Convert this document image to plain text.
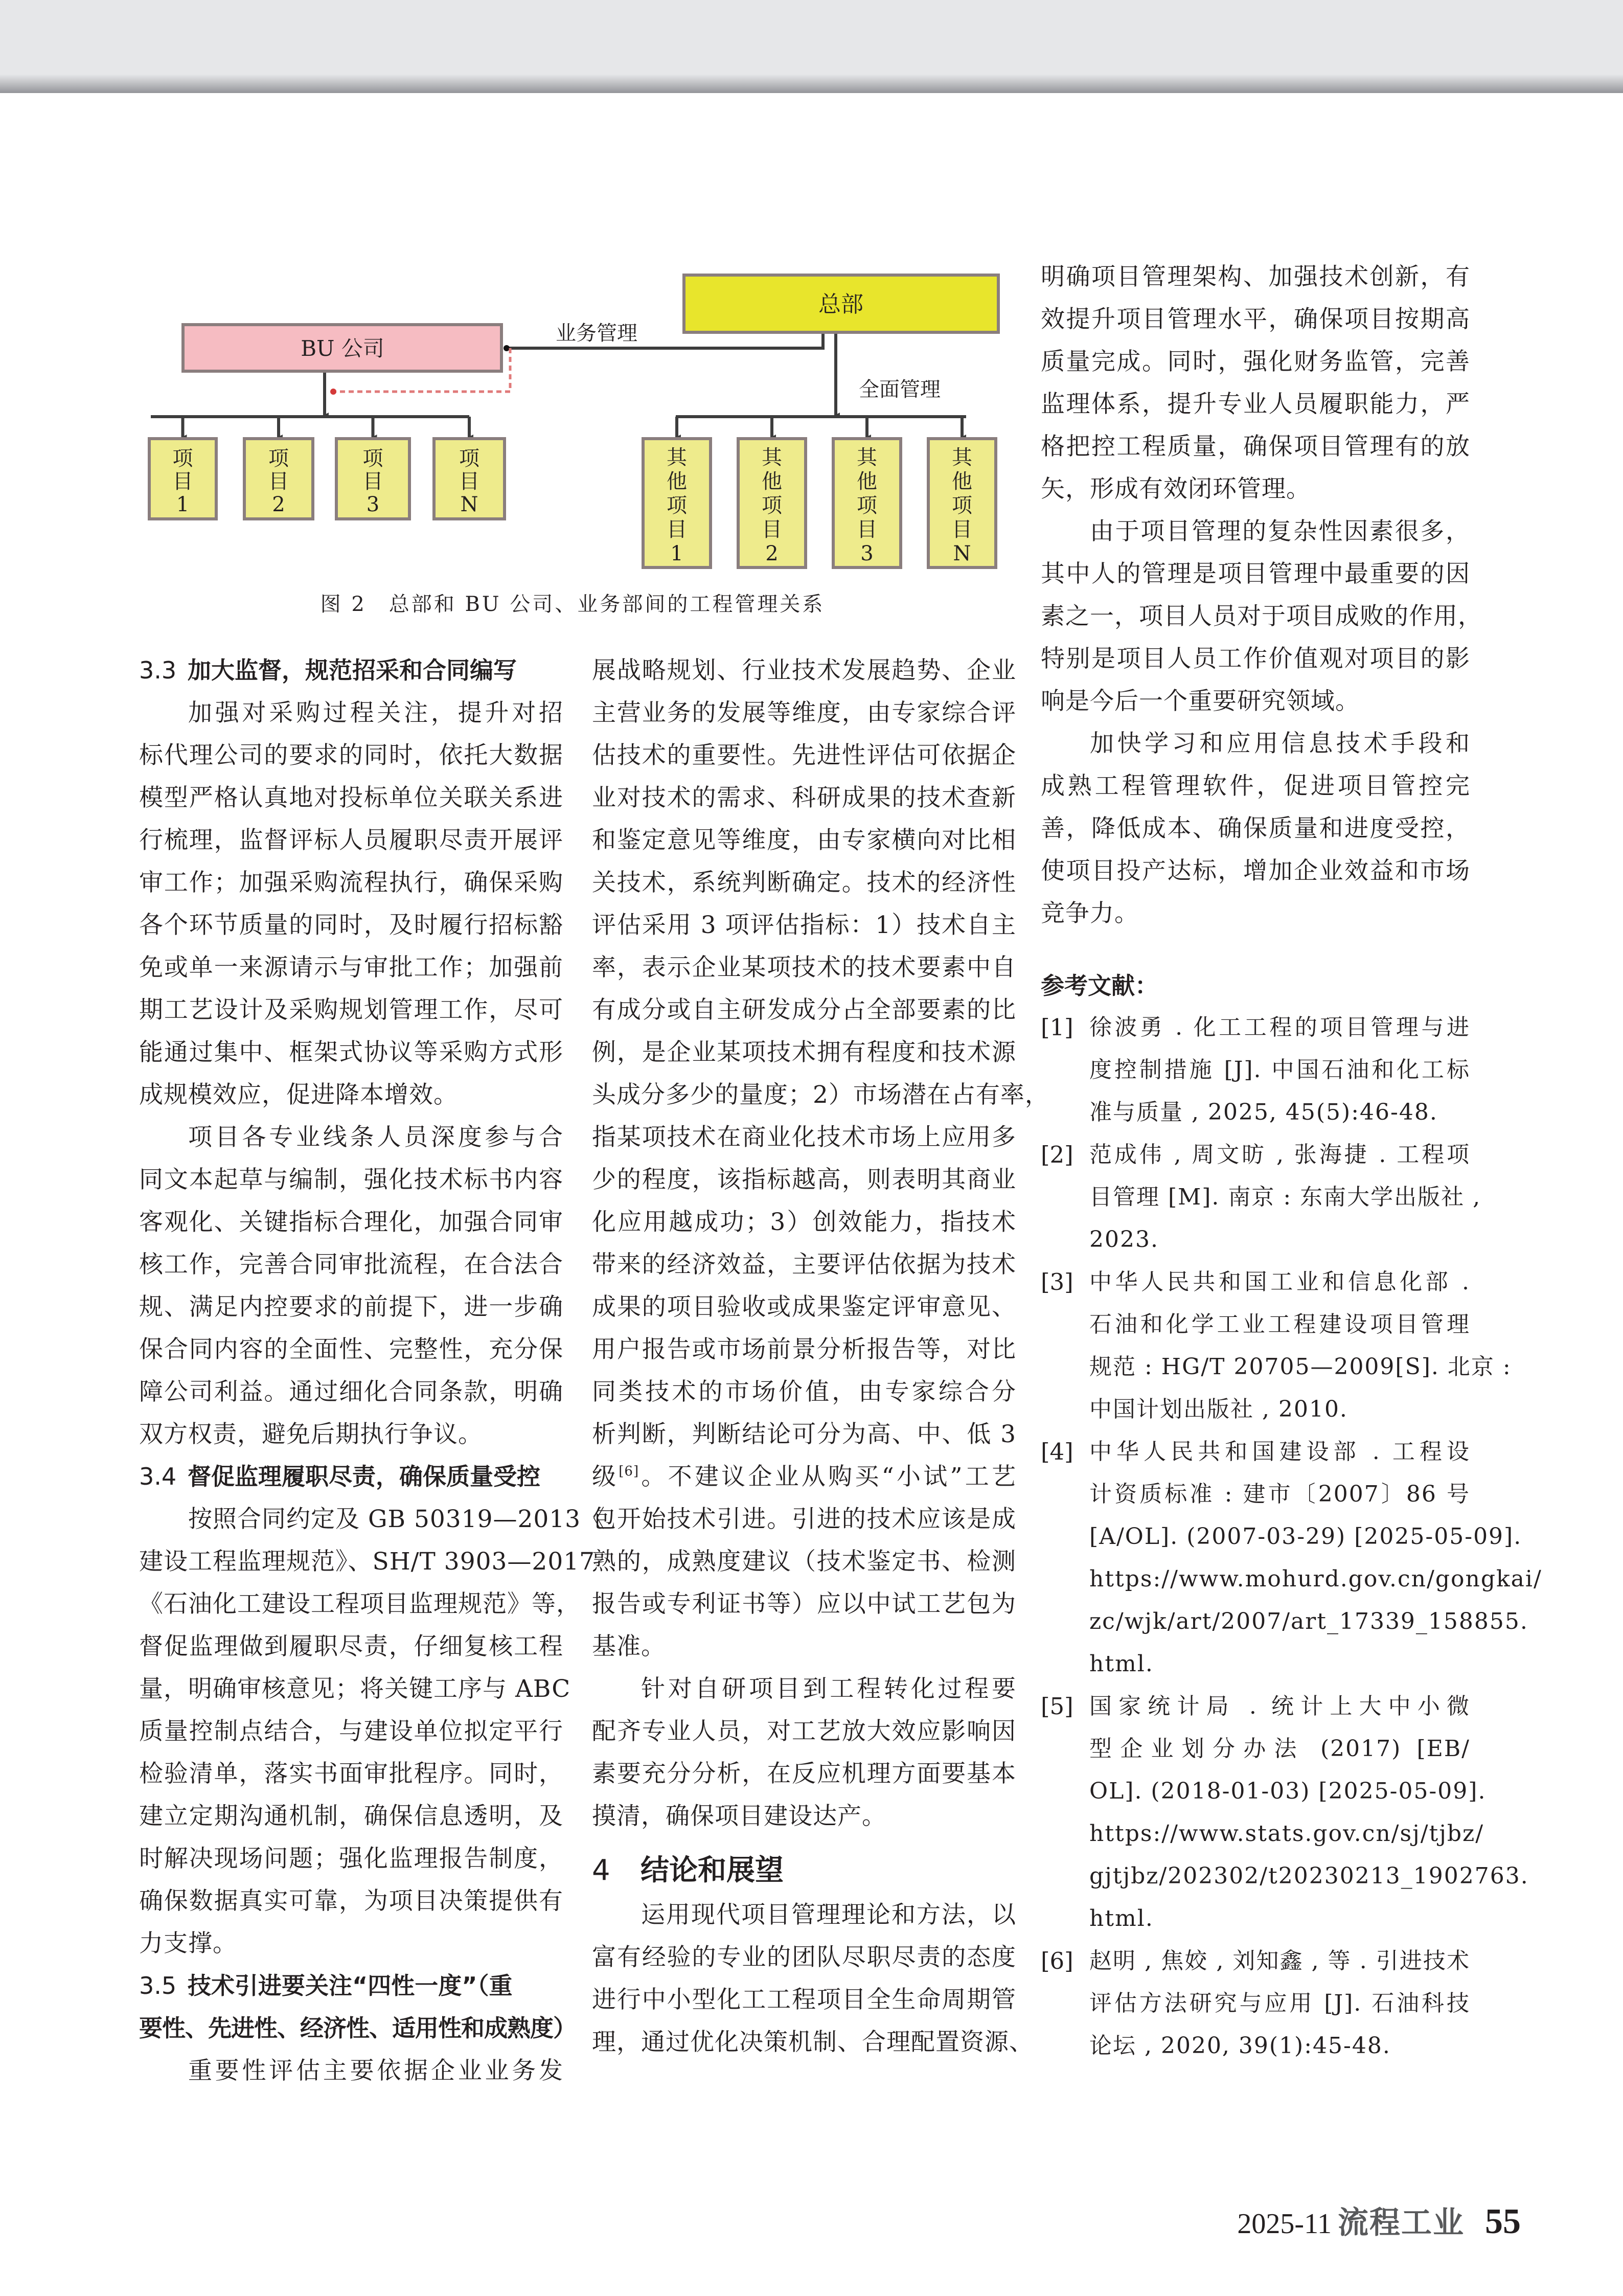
总部
BU 公司
业务管理
项
目
1
项
目
2
项
目
3
项
目
N
全面管理
其
他
项
目
1
其
他
项
目
2
其
他
项
目
3
其
他
项
目
N
图 2　总部和 BU 公司、业务部间的工程管理关系
3.3 加大监督，规范招采和合同编写
加强对采购过程关注，提升对招
标代理公司的要求的同时，依托大数据
模型严格认真地对投标单位关联关系进
行梳理，监督评标人员履职尽责开展评
审工作；加强采购流程执行，确保采购
各个环节质量的同时，及时履行招标豁
免或单一来源请示与审批工作；加强前
期工艺设计及采购规划管理工作，尽可
能通过集中、框架式协议等采购方式形
成规模效应，促进降本增效。
项目各专业线条人员深度参与合
同文本起草与编制，强化技术标书内容
客观化、关键指标合理化，加强合同审
核工作，完善合同审批流程，在合法合
规、满足内控要求的前提下，进一步确
保合同内容的全面性、完整性，充分保
障公司利益。通过细化合同条款，明确
双方权责，避免后期执行争议。
3.4 督促监理履职尽责，确保质量受控
按照合同约定及 GB 50319—2013《
建设工程监理规范》、SH/T 3903—2017
《石油化工建设工程项目监理规范》等，
督促监理做到履职尽责，仔细复核工程
量，明确审核意见；将关键工序与 ABC
质量控制点结合，与建设单位拟定平行
检验清单，落实书面审批程序。同时，
建立定期沟通机制，确保信息透明，及
时解决现场问题；强化监理报告制度，
确保数据真实可靠，为项目决策提供有
力支撑。
3.5 技术引进要关注“四性一度”（重
要性、先进性、经济性、适用性和成熟度）
重要性评估主要依据企业业务发
展战略规划、行业技术发展趋势、企业
主营业务的发展等维度，由专家综合评
估技术的重要性。先进性评估可依据企
业对技术的需求、科研成果的技术查新
和鉴定意见等维度，由专家横向对比相
关技术，系统判断确定。技术的经济性
评估采用 3 项评估指标：1）技术自主
率，表示企业某项技术的技术要素中自
有成分或自主研发成分占全部要素的比
例，是企业某项技术拥有程度和技术源
头成分多少的量度；2）市场潜在占有率，
指某项技术在商业化技术市场上应用多
少的程度，该指标越高，则表明其商业
化应用越成功；3）创效能力，指技术
带来的经济效益，主要评估依据为技术
成果的项目验收或成果鉴定评审意见、
用户报告或市场前景分析报告等，对比
同类技术的市场价值，由专家综合分
析判断，判断结论可分为高、中、低 3
级[6]。不建议企业从购买“小试”工艺
包开始技术引进。引进的技术应该是成
熟的，成熟度建议（技术鉴定书、检测
报告或专利证书等）应以中试工艺包为
基准。
针对自研项目到工程转化过程要
配齐专业人员，对工艺放大效应影响因
素要充分分析，在反应机理方面要基本
摸清，确保项目建设达产。
4 结论和展望
运用现代项目管理理论和方法，以
富有经验的专业的团队尽职尽责的态度
进行中小型化工工程项目全生命周期管
理，通过优化决策机制、合理配置资源、
明确项目管理架构、加强技术创新，有
效提升项目管理水平，确保项目按期高
质量完成。同时，强化财务监管，完善
监理体系，提升专业人员履职能力，严
格把控工程质量，确保项目管理有的放
矢，形成有效闭环管理。
由于项目管理的复杂性因素很多，
其中人的管理是项目管理中最重要的因
素之一，项目人员对于项目成败的作用，
特别是项目人员工作价值观对项目的影
响是今后一个重要研究领域。
加快学习和应用信息技术手段和
成熟工程管理软件，促进项目管控完
善，降低成本、确保质量和进度受控，
使项目投产达标，增加企业效益和市场
竞争力。
参考文献：
[1] 徐波勇 . 化工工程的项目管理与进
度控制措施 [J]. 中国石油和化工标
准与质量 , 2025, 45(5):46-48.
[2] 范成伟 , 周文昉 , 张海捷 . 工程项
目管理 [M]. 南京 : 东南大学出版社 ,
2023.
[3] 中华人民共和国工业和信息化部 .
石油和化学工业工程建设项目管理
规范 : HG/T 20705—2009[S]. 北京 :
中国计划出版社 , 2010.
[4] 中华人民共和国建设部 . 工程设
计资质标准 : 建市〔2007〕86 号
[A/OL]. (2007-03-29) [2025-05-09].
https://www.mohurd.gov.cn/gongkai/
zc/wjk/art/2007/art_17339_158855.
html.
[5] 国家统计局 . 统计上大中小微
型企业划分办法 (2017) [EB/
OL]. (2018-01-03) [2025-05-09].
https://www.stats.gov.cn/sj/tjbz/
gjtjbz/202302/t20230213_1902763.
html.
[6] 赵明 , 焦姣 , 刘知鑫 , 等 . 引进技术
评估方法研究与应用 [J]. 石油科技
论坛 , 2020, 39(1):45-48.
2025-11 流程工业 55
